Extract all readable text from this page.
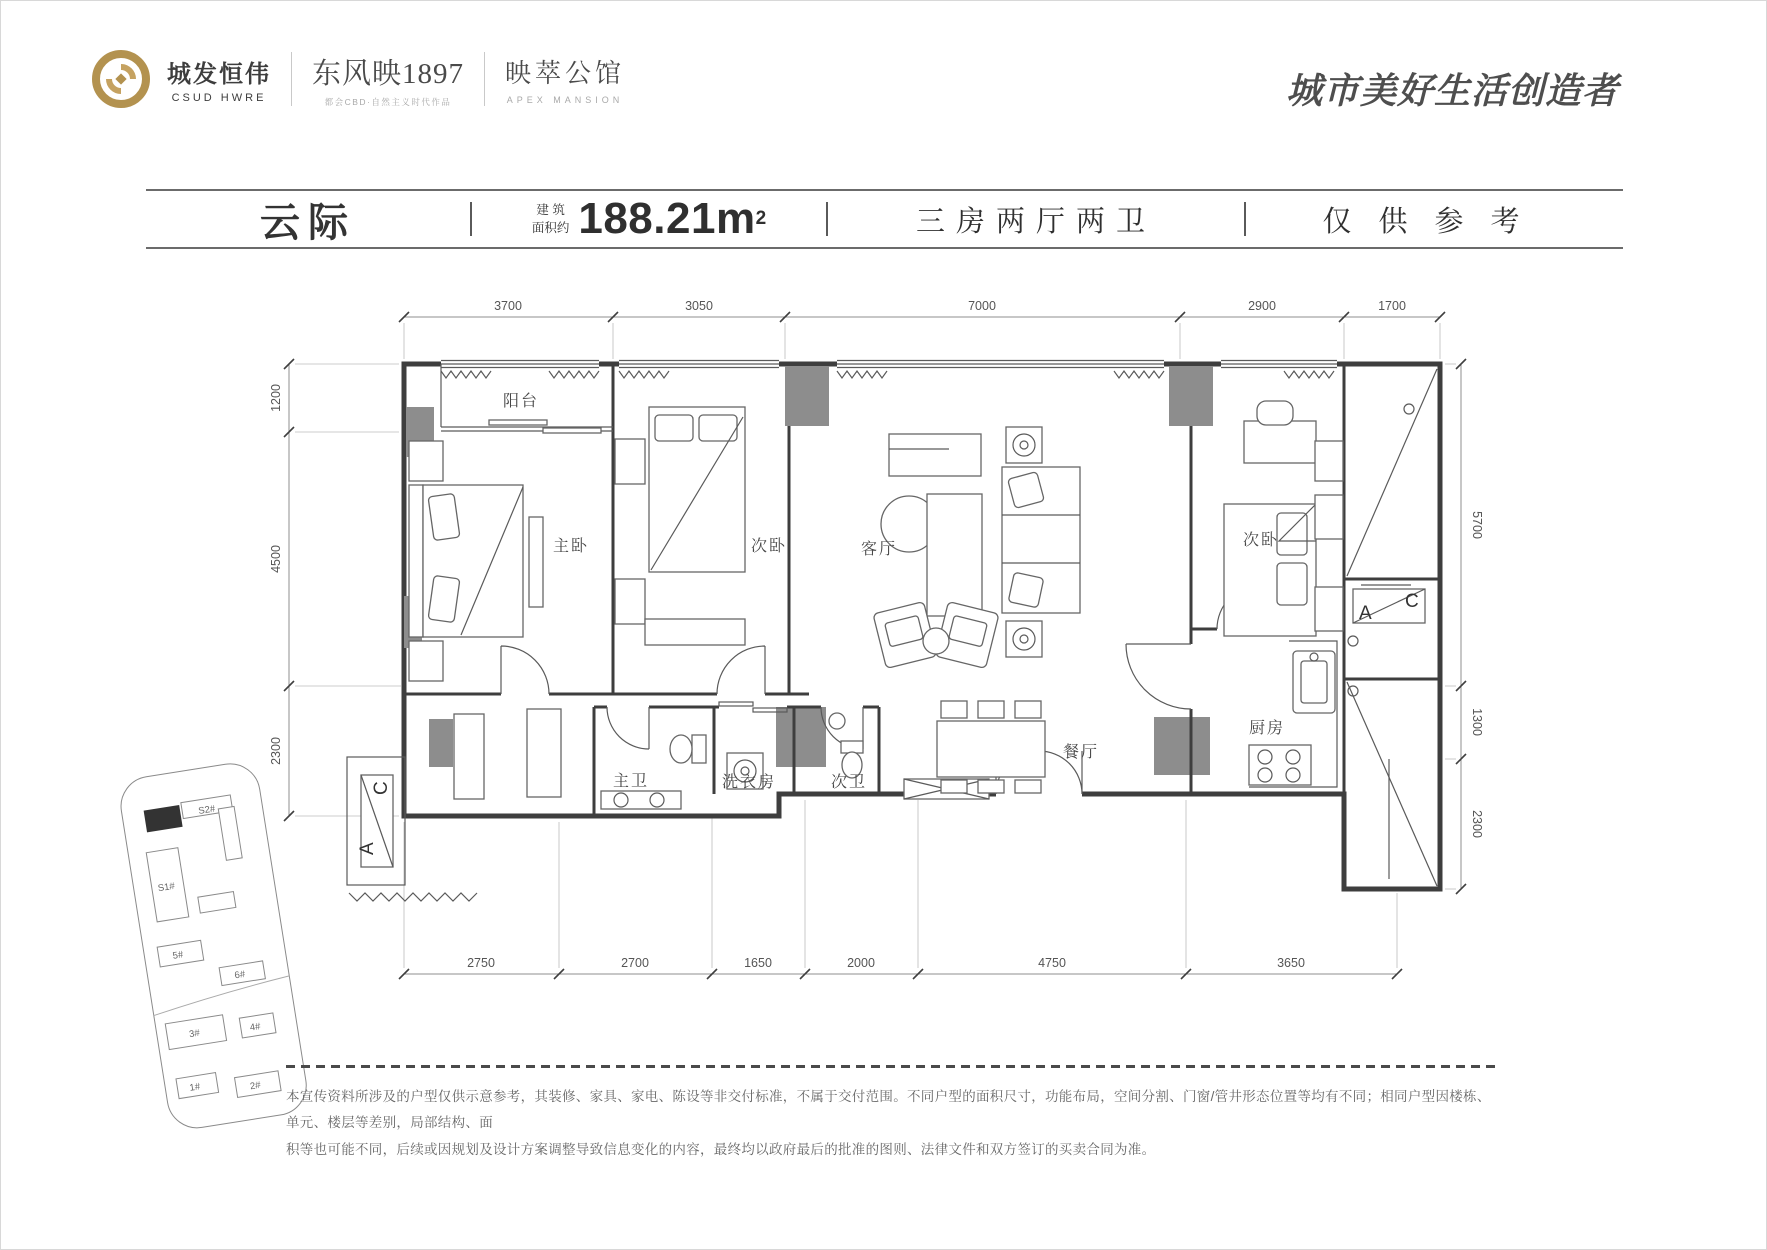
城发恒伟
CSUD HWRE
东风映1897
都会CBD·自然主义时代作品
映萃公馆
APEX MANSION	城市美好生活创造者
云际	建 筑
面积约 188.21m 2	三房两厅两卫	仅供参考
3700	3050	7000	2900	1700
1200
4500
2300
5700
1300
2300
2750	2700	1650	2000	4750	3650
A
C
A
C
阳台
主卧	次卧	客厅
次卧
主卫	洗衣房	次卫
餐厅
厨房
S2#
S1#
5#
6#
3#
4#
1#	2#
本宣传资料所涉及的户型仅供示意参考，其装修、家具、家电、陈设等非交付标准，不属于交付范围。不同户型的面积尺寸，功能布局，空间分割、门窗/管井形态位置等均有不同；相同户型因楼栋、单元、楼层等差别，局部结构、面
积等也可能不同，后续或因规划及设计方案调整导致信息变化的内容，最终均以政府最后的批准的图则、法律文件和双方签订的买卖合同为准。
